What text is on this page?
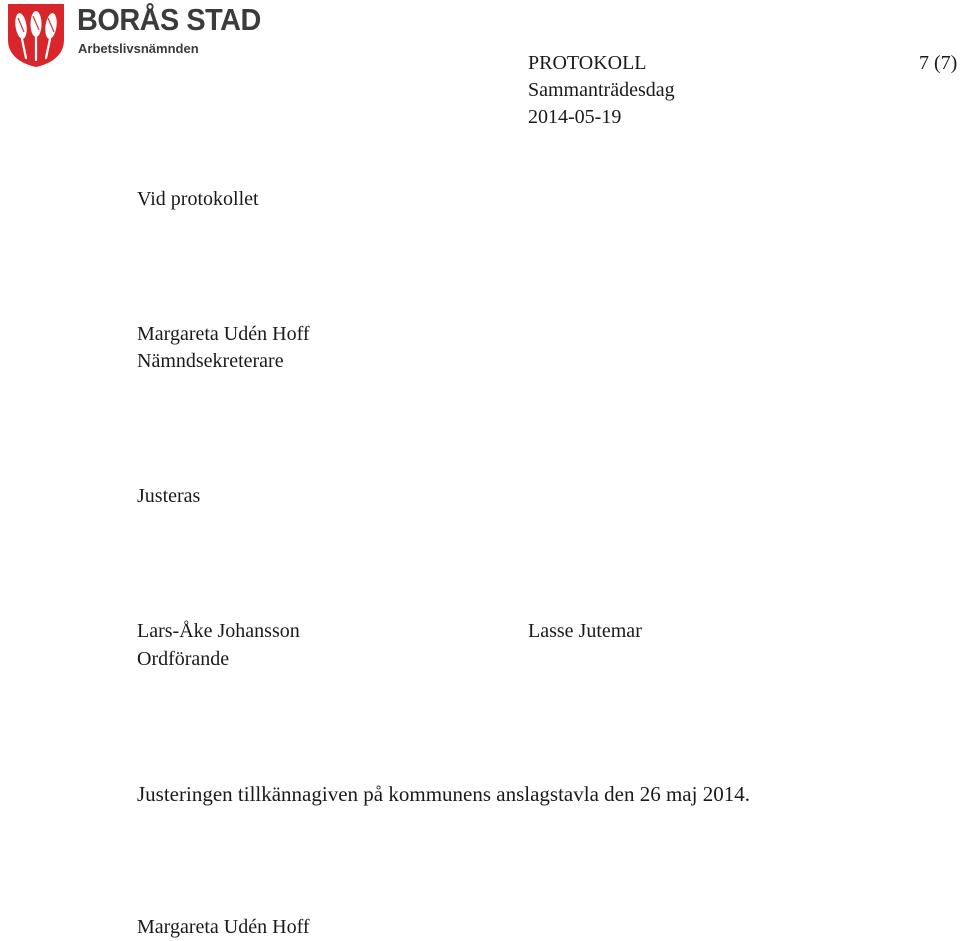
BORÅS STAD
Arbetslivsnämnden
PROTOKOLL	7 (7)
Sammanträdesdag
2014-05-19
Vid protokollet
Margareta Udén Hoff
Nämndsekreterare
Justeras
Lars-Åke Johansson
Ordförande
Lasse Jutemar
Justeringen tillkännagiven på kommunens anslagstavla den 26 maj 2014.
Margareta Udén Hoff
